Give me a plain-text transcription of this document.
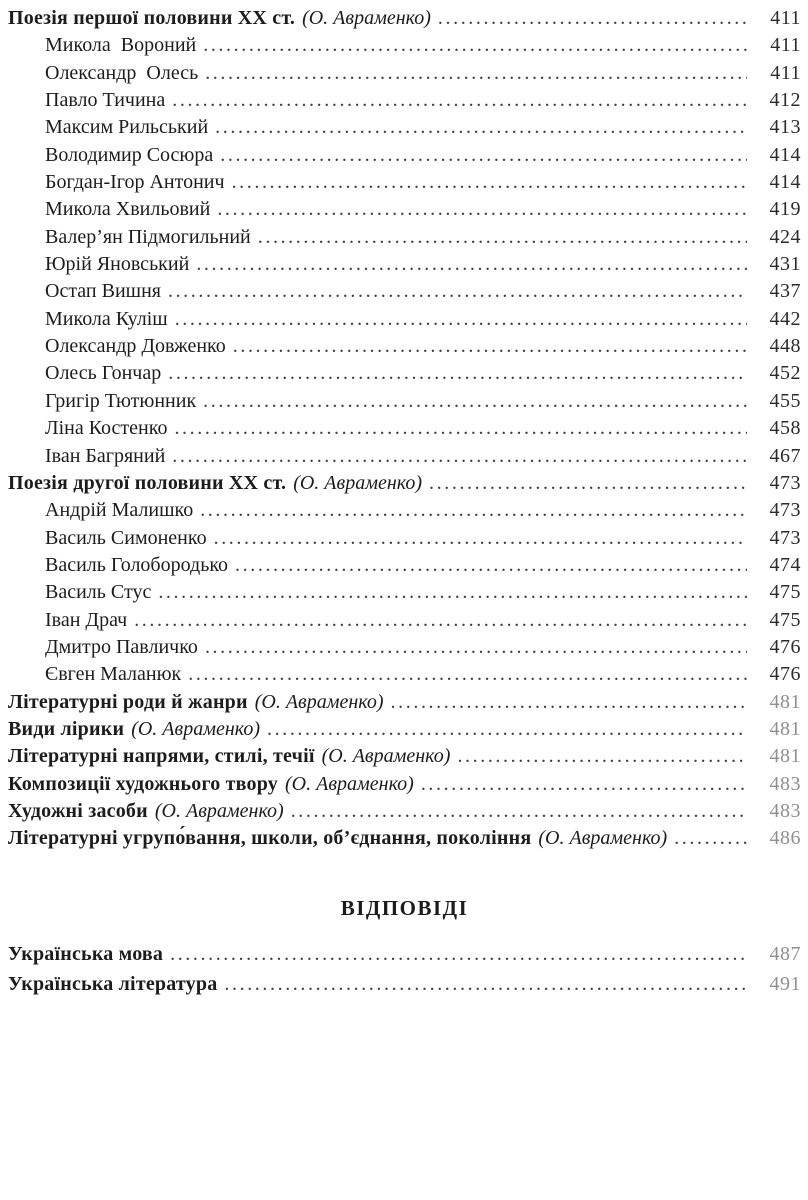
Поезія першої половини ХХ ст. (О. Авраменко) .....	411
Микола  Вороний .....	411
Олександр  Олесь .....	411
Павло Тичина .....	412
Максим Рильський .....	413
Володимир Сосюра .....	414
Богдан-Ігор Антонич .....	414
Микола Хвильовий .....	419
Валер’ян Підмогильний .....	424
Юрій Яновський .....	431
Остап Вишня .....	437
Микола Куліш .....	442
Олександр Довженко .....	448
Олесь Гончар .....	452
Григір Тютюнник .....	455
Ліна Костенко .....	458
Іван Багряний .....	467
Поезія другої половини ХХ ст. (О. Авраменко) .....	473
Андрій Малишко .....	473
Василь Симоненко .....	473
Василь Голобородько .....	474
Василь Стус .....	475
Іван Драч .....	475
Дмитро Павличко .....	476
Євген Маланюк .....	476
Літературні роди й жанри (О. Авраменко) .....	481
Види лірики (О. Авраменко) .....	481
Літературні напрями, стилі, течії (О. Авраменко) .....	481
Композиції художнього твору (О. Авраменко) .....	483
Художні засоби (О. Авраменко) .....	483
Літературні угрупо́вання, школи, об’єднання, покоління (О. Авраменко) .....	486
ВІДПОВІДІ
Українська мова .....	487
Українська література .....	491
